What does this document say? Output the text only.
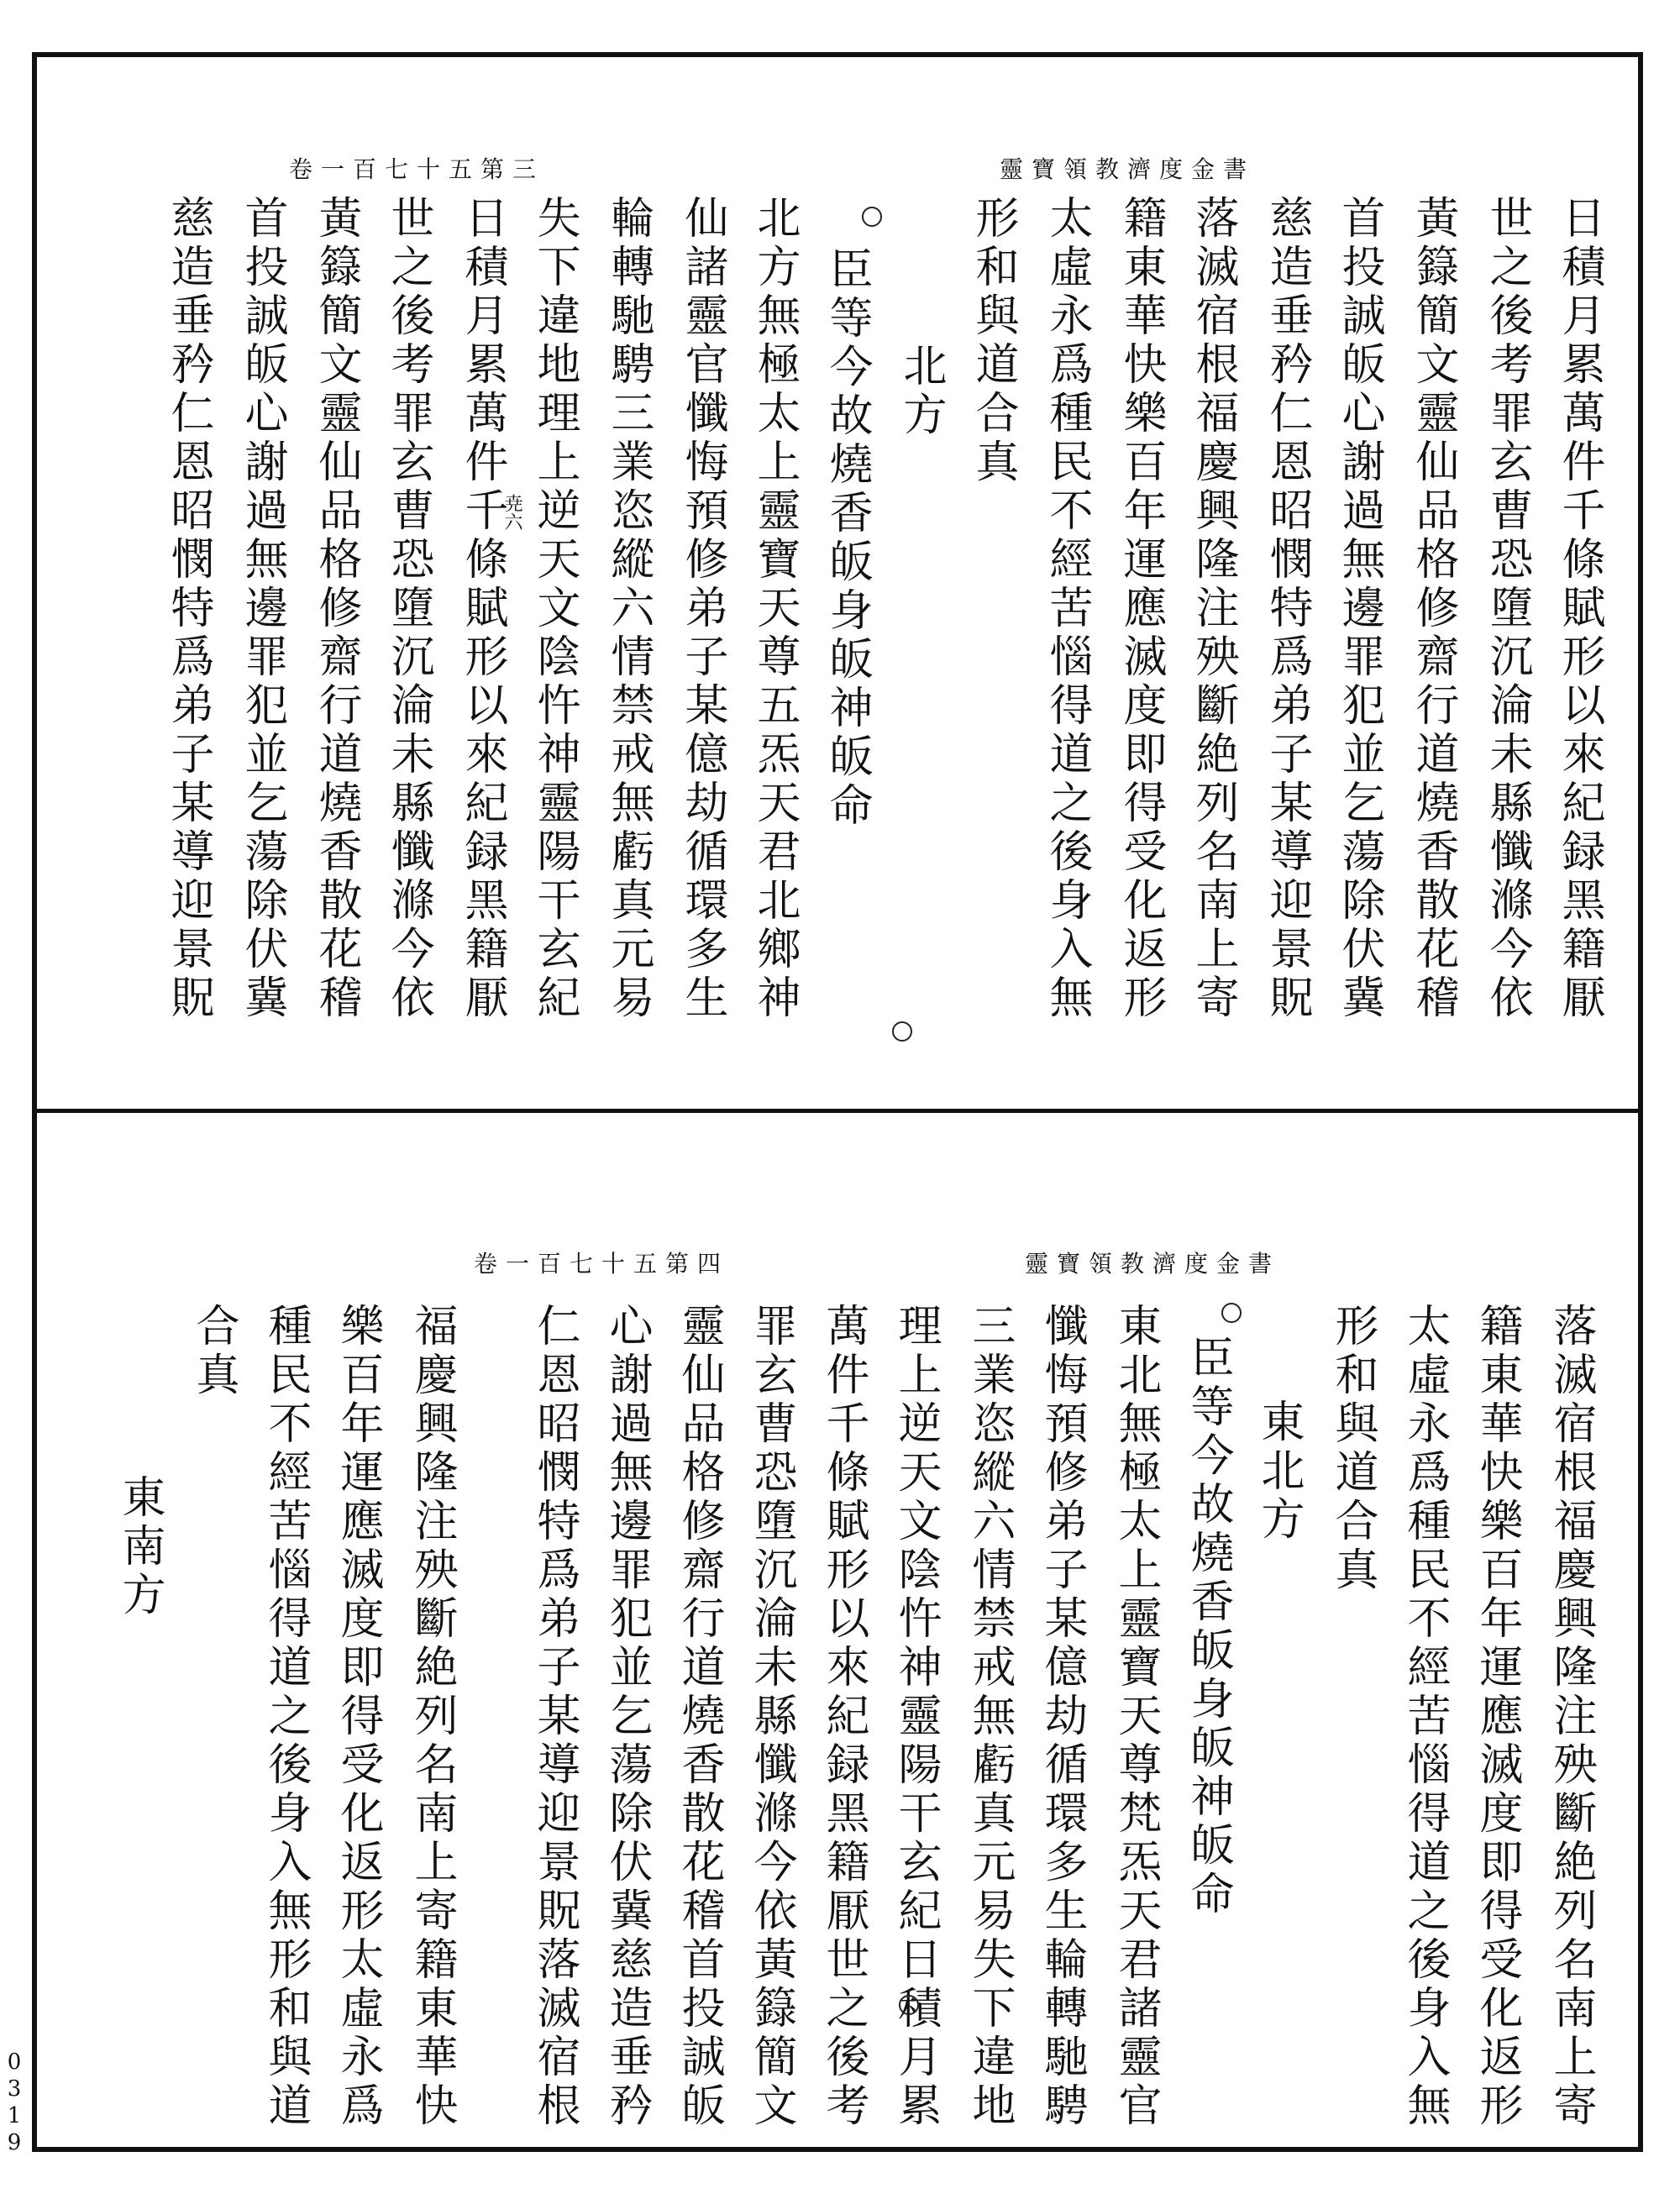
卷一百七十五第三	靈寶領教濟度金書
日積月累萬件千條賦形以來紀録黑籍厭
世之後考罪玄曹恐墮沉淪未縣懺滌今依
黃籙簡文靈仙品格修齋行道燒香散花稽
首投誠皈心謝過無邊罪犯並乞蕩除伏冀
慈造垂矜仁恩昭憫特爲弟子某導迎景貺
落滅宿根福慶興隆注殃斷絶列名南上寄
籍東華快樂百年運應滅度即得受化返形
太虛永爲種民不經苦惱得道之後身入無
形和與道合真
北方
臣等今故燒香皈身皈神皈命
北方無極太上靈寶天尊五炁天君北鄉神
仙諸靈官懺悔預修弟子某億劫循環多生
輪轉馳騁三業恣縱六情禁戒無虧真元易
失下違地理上逆天文陰忤神靈陽干玄紀
日積月累萬件千條賦形以來紀録黑籍厭
世之後考罪玄曹恐墮沉淪未縣懺滌今依
黃籙簡文靈仙品格修齋行道燒香散花稽
首投誠皈心謝過無邊罪犯並乞蕩除伏冀
慈造垂矜仁恩昭憫特爲弟子某導迎景貺	尭六
卷一百七十五第四	靈寶領教濟度金書
落滅宿根福慶興隆注殃斷絶列名南上寄
籍東華快樂百年運應滅度即得受化返形
太虛永爲種民不經苦惱得道之後身入無
形和與道合真
東北方
臣等今故燒香皈身皈神皈命
東北無極太上靈寶天尊梵炁天君諸靈官
懺悔預修弟子某億劫循環多生輪轉馳騁
三業恣縱六情禁戒無虧真元易失下違地
理上逆天文陰忤神靈陽干玄紀日積月累
萬件千條賦形以來紀録黑籍厭世之後考
罪玄曹恐墮沉淪未縣懺滌今依黃籙簡文
靈仙品格修齋行道燒香散花稽首投誠皈
心謝過無邊罪犯並乞蕩除伏冀慈造垂矜
仁恩昭憫特爲弟子某導迎景貺落滅宿根
福慶興隆注殃斷絶列名南上寄籍東華快
樂百年運應滅度即得受化返形太虛永爲
種民不經苦惱得道之後身入無形和與道
合真
東南方
0319
